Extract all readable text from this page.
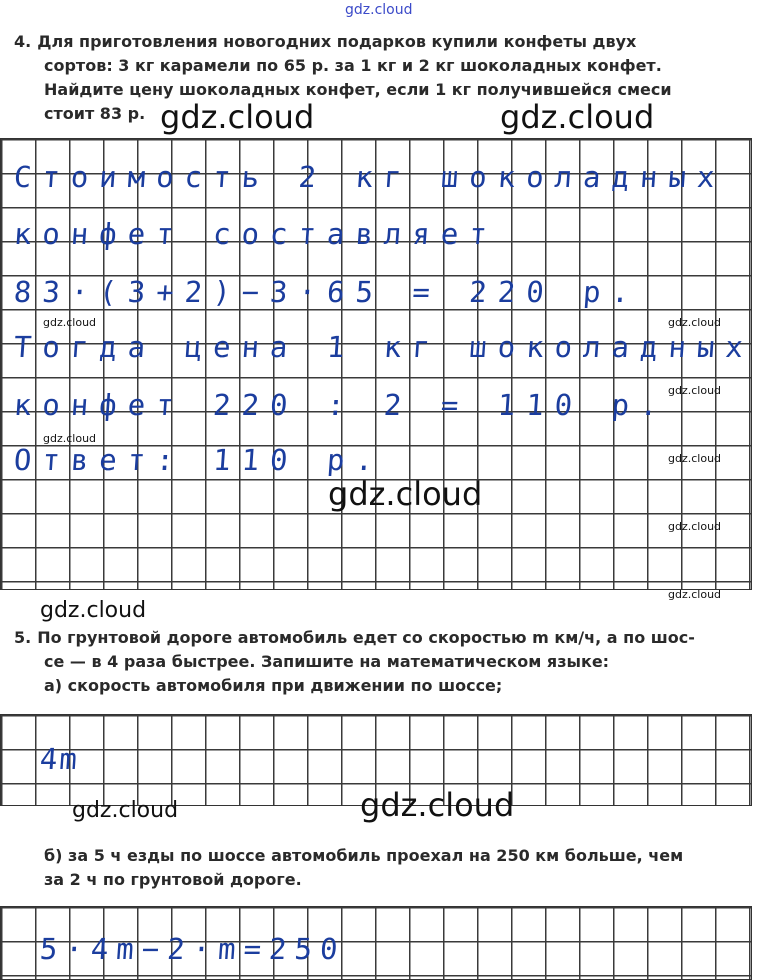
gdz.cloud
4. Для приготовления новогодних подарков купили конфеты двух
сортов: 3 кг карамели по 65 р. за 1 кг и 2 кг шоколадных конфет.
Найдите цену шоколадных конфет, если 1 кг получившейся смеси
стоит 83 р.
Стоимость 2 кг шоколадных
конфет составляет
83·(3+2)−3·65 = 220 р.
Тогда цена 1 кг шоколадных
конфет 220 : 2 = 110 р.
Ответ: 110 р.
5. По грунтовой дороге автомобиль едет со скоростью m км/ч, а по шос-
се — в 4 раза быстрее. Запишите на математическом языке:
а) скорость автомобиля при движении по шоссе;
4m
б) за 5 ч езды по шоссе автомобиль проехал на 250 км больше, чем
за 2 ч по грунтовой дороге.
5·4m−2·m=250
gdz.cloud	gdz.cloud
gdz.cloud	gdz.cloud
gdz.cloud
gdz.cloud
gdz.cloud
gdz.cloud
gdz.cloud
gdz.cloud
gdz.cloud
gdz.cloud	gdz.cloud
